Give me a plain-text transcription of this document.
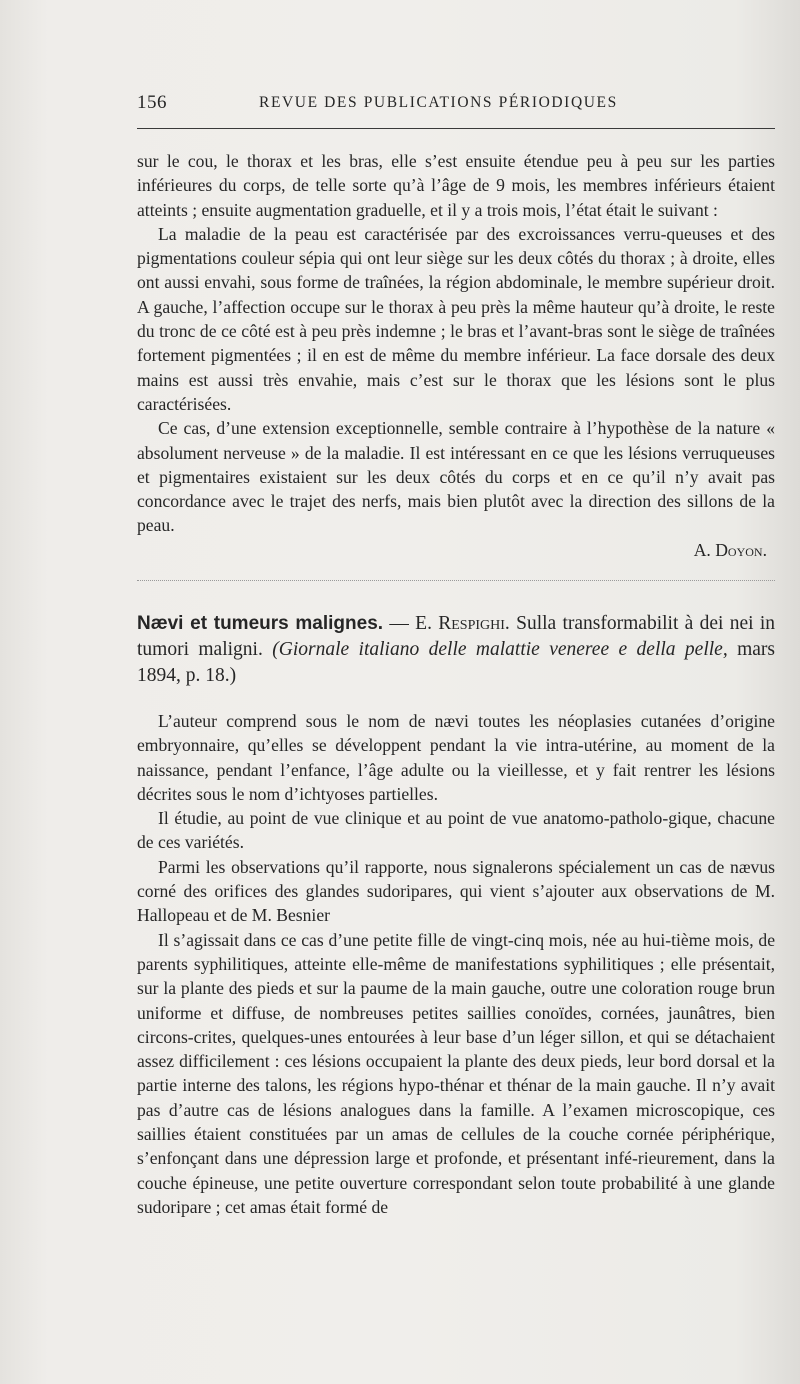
156	REVUE DES PUBLICATIONS PÉRIODIQUES

sur le cou, le thorax et les bras, elle s’est ensuite étendue peu à peu sur les parties inférieures du corps, de telle sorte qu’à l’âge de 9 mois, les membres inférieurs étaient atteints ; ensuite augmentation graduelle, et il y a trois mois, l’état était le suivant :

La maladie de la peau est caractérisée par des excroissances verru-queuses et des pigmentations couleur sépia qui ont leur siège sur les deux côtés du thorax ; à droite, elles ont aussi envahi, sous forme de traînées, la région abdominale, le membre supérieur droit. A gauche, l’affection occupe sur le thorax à peu près la même hauteur qu’à droite, le reste du tronc de ce côté est à peu près indemne ; le bras et l’avant-bras sont le siège de traînées fortement pigmentées ; il en est de même du membre inférieur. La face dorsale des deux mains est aussi très envahie, mais c’est sur le thorax que les lésions sont le plus caractérisées.

Ce cas, d’une extension exceptionnelle, semble contraire à l’hypothèse de la nature « absolument nerveuse » de la maladie. Il est intéressant en ce que les lésions verruqueuses et pigmentaires existaient sur les deux côtés du corps et en ce qu’il n’y avait pas concordance avec le trajet des nerfs, mais bien plutôt avec la direction des sillons de la peau.

A. Doyon.

Nævi et tumeurs malignes. — E. Respighi. Sulla transformabilit à dei nei in tumori maligni. (Giornale italiano delle malattie veneree e della pelle, mars 1894, p. 18.)

L’auteur comprend sous le nom de nævi toutes les néoplasies cutanées d’origine embryonnaire, qu’elles se développent pendant la vie intra-utérine, au moment de la naissance, pendant l’enfance, l’âge adulte ou la vieillesse, et y fait rentrer les lésions décrites sous le nom d’ichtyoses partielles.

Il étudie, au point de vue clinique et au point de vue anatomo-patholo-gique, chacune de ces variétés.

Parmi les observations qu’il rapporte, nous signalerons spécialement un cas de nævus corné des orifices des glandes sudoripares, qui vient s’ajouter aux observations de M. Hallopeau et de M. Besnier

Il s’agissait dans ce cas d’une petite fille de vingt-cinq mois, née au hui-tième mois, de parents syphilitiques, atteinte elle-même de manifestations syphilitiques ; elle présentait, sur la plante des pieds et sur la paume de la main gauche, outre une coloration rouge brun uniforme et diffuse, de nombreuses petites saillies conoïdes, cornées, jaunâtres, bien circons-crites, quelques-unes entourées à leur base d’un léger sillon, et qui se détachaient assez difficilement : ces lésions occupaient la plante des deux pieds, leur bord dorsal et la partie interne des talons, les régions hypo-thénar et thénar de la main gauche. Il n’y avait pas d’autre cas de lésions analogues dans la famille. A l’examen microscopique, ces saillies étaient constituées par un amas de cellules de la couche cornée périphérique, s’enfonçant dans une dépression large et profonde, et présentant infé-rieurement, dans la couche épineuse, une petite ouverture correspondant selon toute probabilité à une glande sudoripare ; cet amas était formé de
